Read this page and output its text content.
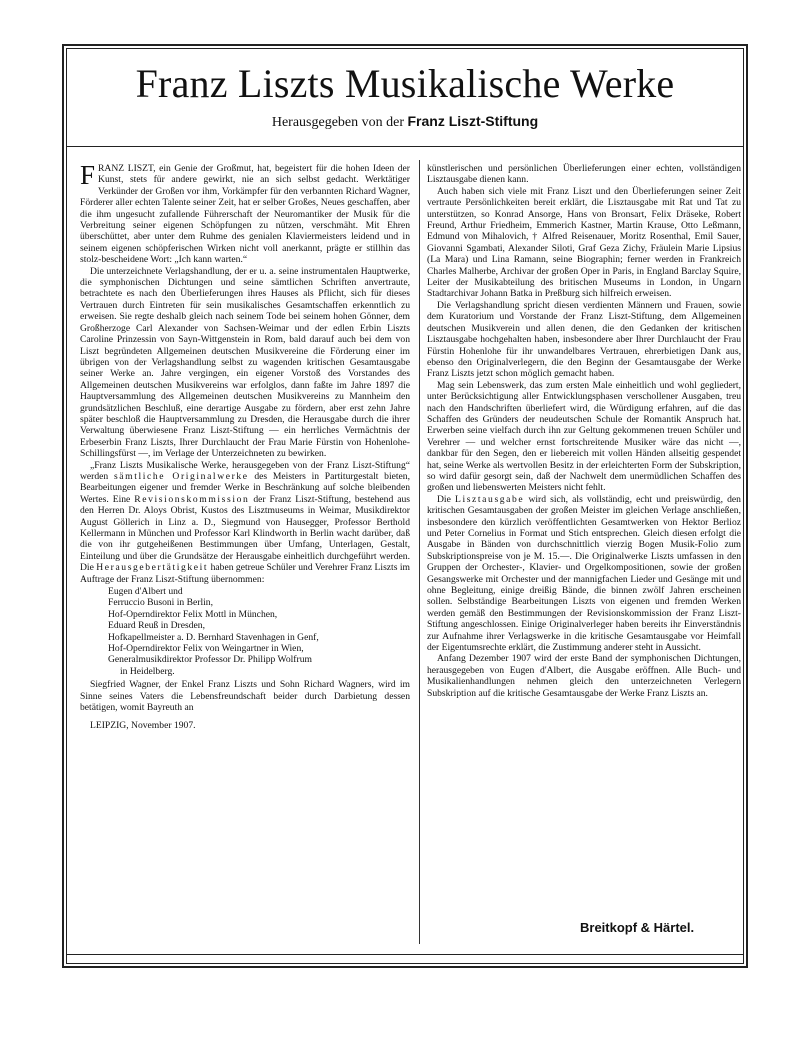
Franz Liszts Musikalische Werke
Herausgegeben von der Franz Liszt-Stiftung

FRANZ LISZT, ein Genie der Großmut, hat, begeistert für die hohen Ideen der Kunst, stets für andere gewirkt, nie an sich selbst gedacht. Werktätiger Verkünder der Großen vor ihm, Vorkämpfer für den verbannten Richard Wagner, Förderer aller echten Talente seiner Zeit, hat er selber Großes, Neues geschaffen, aber die ihm ungesucht zufallende Führerschaft der Neuromantiker der Musik für die Verbreitung seiner eigenen Schöpfungen zu nützen, verschmäht. Mit Ehren überschüttet, aber unter dem Ruhme des genialen Klaviermeisters leidend und in seinem eigenen schöpferischen Wirken nicht voll anerkannt, prägte er stillhin das stolz-bescheidene Wort: „Ich kann warten.“

Die unterzeichnete Verlagshandlung, der er u. a. seine instrumentalen Hauptwerke, die symphonischen Dichtungen und seine sämtlichen Schriften anvertraute, betrachtete es nach den Überlieferungen ihres Hauses als Pflicht, sich für dieses Vertrauen durch Eintreten für sein musikalisches Gesamtschaffen erkenntlich zu erweisen. Sie regte deshalb gleich nach seinem Tode bei seinem hohen Gönner, dem Großherzoge Carl Alexander von Sachsen-Weimar und der edlen Erbin Liszts Caroline Prinzessin von Sayn-Wittgenstein in Rom, bald darauf auch bei dem von Liszt begründeten Allgemeinen deutschen Musikvereine die Förderung einer im übrigen von der Verlagshandlung selbst zu wagenden kritischen Gesamtausgabe seiner Werke an. Jahre vergingen, ein eigener Vorstoß des Vorstandes des Allgemeinen deutschen Musikvereins war erfolglos, dann faßte im Jahre 1897 die Hauptversammlung des Allgemeinen deutschen Musikvereins zu Mannheim den grundsätzlichen Beschluß, eine derartige Ausgabe zu fördern, aber erst zehn Jahre später beschloß die Hauptversammlung zu Dresden, die Herausgabe durch die ihrer Verwaltung überwiesene Franz Liszt-Stiftung — ein herrliches Vermächtnis der Erbeserbin Franz Liszts, Ihrer Durchlaucht der Frau Marie Fürstin von Hohenlohe-Schillingsfürst —, im Verlage der Unterzeichneten zu bewirken.

„Franz Liszts Musikalische Werke, herausgegeben von der Franz Liszt-Stiftung“ werden sämtliche Originalwerke des Meisters in Partiturgestalt bieten, Bearbeitungen eigener und fremder Werke in Beschränkung auf solche bleibenden Wertes. Eine Revisionskommission der Franz Liszt-Stiftung, bestehend aus den Herren Dr. Aloys Obrist, Kustos des Lisztmuseums in Weimar, Musikdirektor August Göllerich in Linz a. D., Siegmund von Hausegger, Professor Berthold Kellermann in München und Professor Karl Klindworth in Berlin wacht darüber, daß die von ihr gutgeheißenen Bestimmungen über Umfang, Unterlagen, Gestalt, Einteilung und über die Grundsätze der Herausgabe einheitlich durchgeführt werden. Die Herausgebertätigkeit haben getreue Schüler und Verehrer Franz Liszts im Auftrage der Franz Liszt-Stiftung übernommen:

Eugen d'Albert und
Ferruccio Busoni in Berlin,
Hof-Operndirektor Felix Mottl in München,
Eduard Reuß in Dresden,
Hofkapellmeister a. D. Bernhard Stavenhagen in Genf,
Hof-Operndirektor Felix von Weingartner in Wien,
Generalmusikdirektor Professor Dr. Philipp Wolfrum
in Heidelberg.

Siegfried Wagner, der Enkel Franz Liszts und Sohn Richard Wagners, wird im Sinne seines Vaters die Lebensfreundschaft beider durch Darbietung dessen betätigen, womit Bayreuth an

LEIPZIG, November 1907.

künstlerischen und persönlichen Überlieferungen einer echten, vollständigen Lisztausgabe dienen kann.

Auch haben sich viele mit Franz Liszt und den Überlieferungen seiner Zeit vertraute Persönlichkeiten bereit erklärt, die Lisztausgabe mit Rat und Tat zu unterstützen, so Konrad Ansorge, Hans von Bronsart, Felix Dräseke, Robert Freund, Arthur Friedheim, Emmerich Kastner, Martin Krause, Otto Leßmann, Edmund von Mihalovich, † Alfred Reisenauer, Moritz Rosenthal, Emil Sauer, Giovanni Sgambati, Alexander Siloti, Graf Geza Zichy, Fräulein Marie Lipsius (La Mara) und Lina Ramann, seine Biographin; ferner werden in Frankreich Charles Malherbe, Archivar der großen Oper in Paris, in England Barclay Squire, Leiter der Musikabteilung des britischen Museums in London, in Ungarn Stadtarchivar Johann Batka in Preßburg sich hilfreich erweisen.

Die Verlagshandlung spricht diesen verdienten Männern und Frauen, sowie dem Kuratorium und Vorstande der Franz Liszt-Stiftung, dem Allgemeinen deutschen Musikverein und allen denen, die den Gedanken der kritischen Lisztausgabe hochgehalten haben, insbesondere aber Ihrer Durchlaucht der Frau Fürstin Hohenlohe für ihr unwandelbares Vertrauen, ehrerbietigen Dank aus, ebenso den Originalverlegern, die den Beginn der Gesamtausgabe der Werke Franz Liszts jetzt schon möglich gemacht haben.

Mag sein Lebenswerk, das zum ersten Male einheitlich und wohl gegliedert, unter Berücksichtigung aller Entwicklungsphasen verschollener Ausgaben, treu nach den Handschriften überliefert wird, die Würdigung erfahren, auf die das Schaffen des Gründers der neudeutschen Schule der Romantik Anspruch hat. Erwerben seine vielfach durch ihn zur Geltung gekommenen treuen Schüler und Verehrer — und welcher ernst fortschreitende Musiker wäre das nicht —, dankbar für den Segen, den er liebereich mit vollen Händen allseitig gespendet hat, seine Werke als wertvollen Besitz in der erleichterten Form der Subskription, so wird dafür gesorgt sein, daß der Nachwelt dem unermüdlichen Schaffen des großen und liebenswerten Meisters nicht fehlt.

Die Lisztausgabe wird sich, als vollständig, echt und preiswürdig, den kritischen Gesamtausgaben der großen Meister im gleichen Verlage anschließen, insbesondere den kürzlich veröffentlichten Gesamtwerken von Hektor Berlioz und Peter Cornelius in Format und Stich entsprechen. Gleich diesen erfolgt die Ausgabe in Bänden von durchschnittlich vierzig Bogen Musik-Folio zum Subskriptionspreise von je M. 15.—. Die Originalwerke Liszts umfassen in den Gruppen der Orchester-, Klavier- und Orgelkompositionen, sowie der großen Gesangswerke mit Orchester und der mannigfachen Lieder und Gesänge mit und ohne Begleitung, einige dreißig Bände, die binnen zwölf Jahren erscheinen sollen. Selbständige Bearbeitungen Liszts von eigenen und fremden Werken werden gemäß den Bestimmungen der Revisionskommission der Franz Liszt-Stiftung angeschlossen. Einige Originalverleger haben bereits ihr Einverständnis zur Aufnahme ihrer Verlagswerke in die kritische Gesamtausgabe vor Heimfall der Eigentumsrechte erklärt, die Zustimmung anderer steht in Aussicht.

Anfang Dezember 1907 wird der erste Band der symphonischen Dichtungen, herausgegeben von Eugen d'Albert, die Ausgabe eröffnen. Alle Buch- und Musikalienhandlungen nehmen gleich den unterzeichneten Verlegern Subskription auf die kritische Gesamtausgabe der Werke Franz Liszts an.

Breitkopf & Härtel.
